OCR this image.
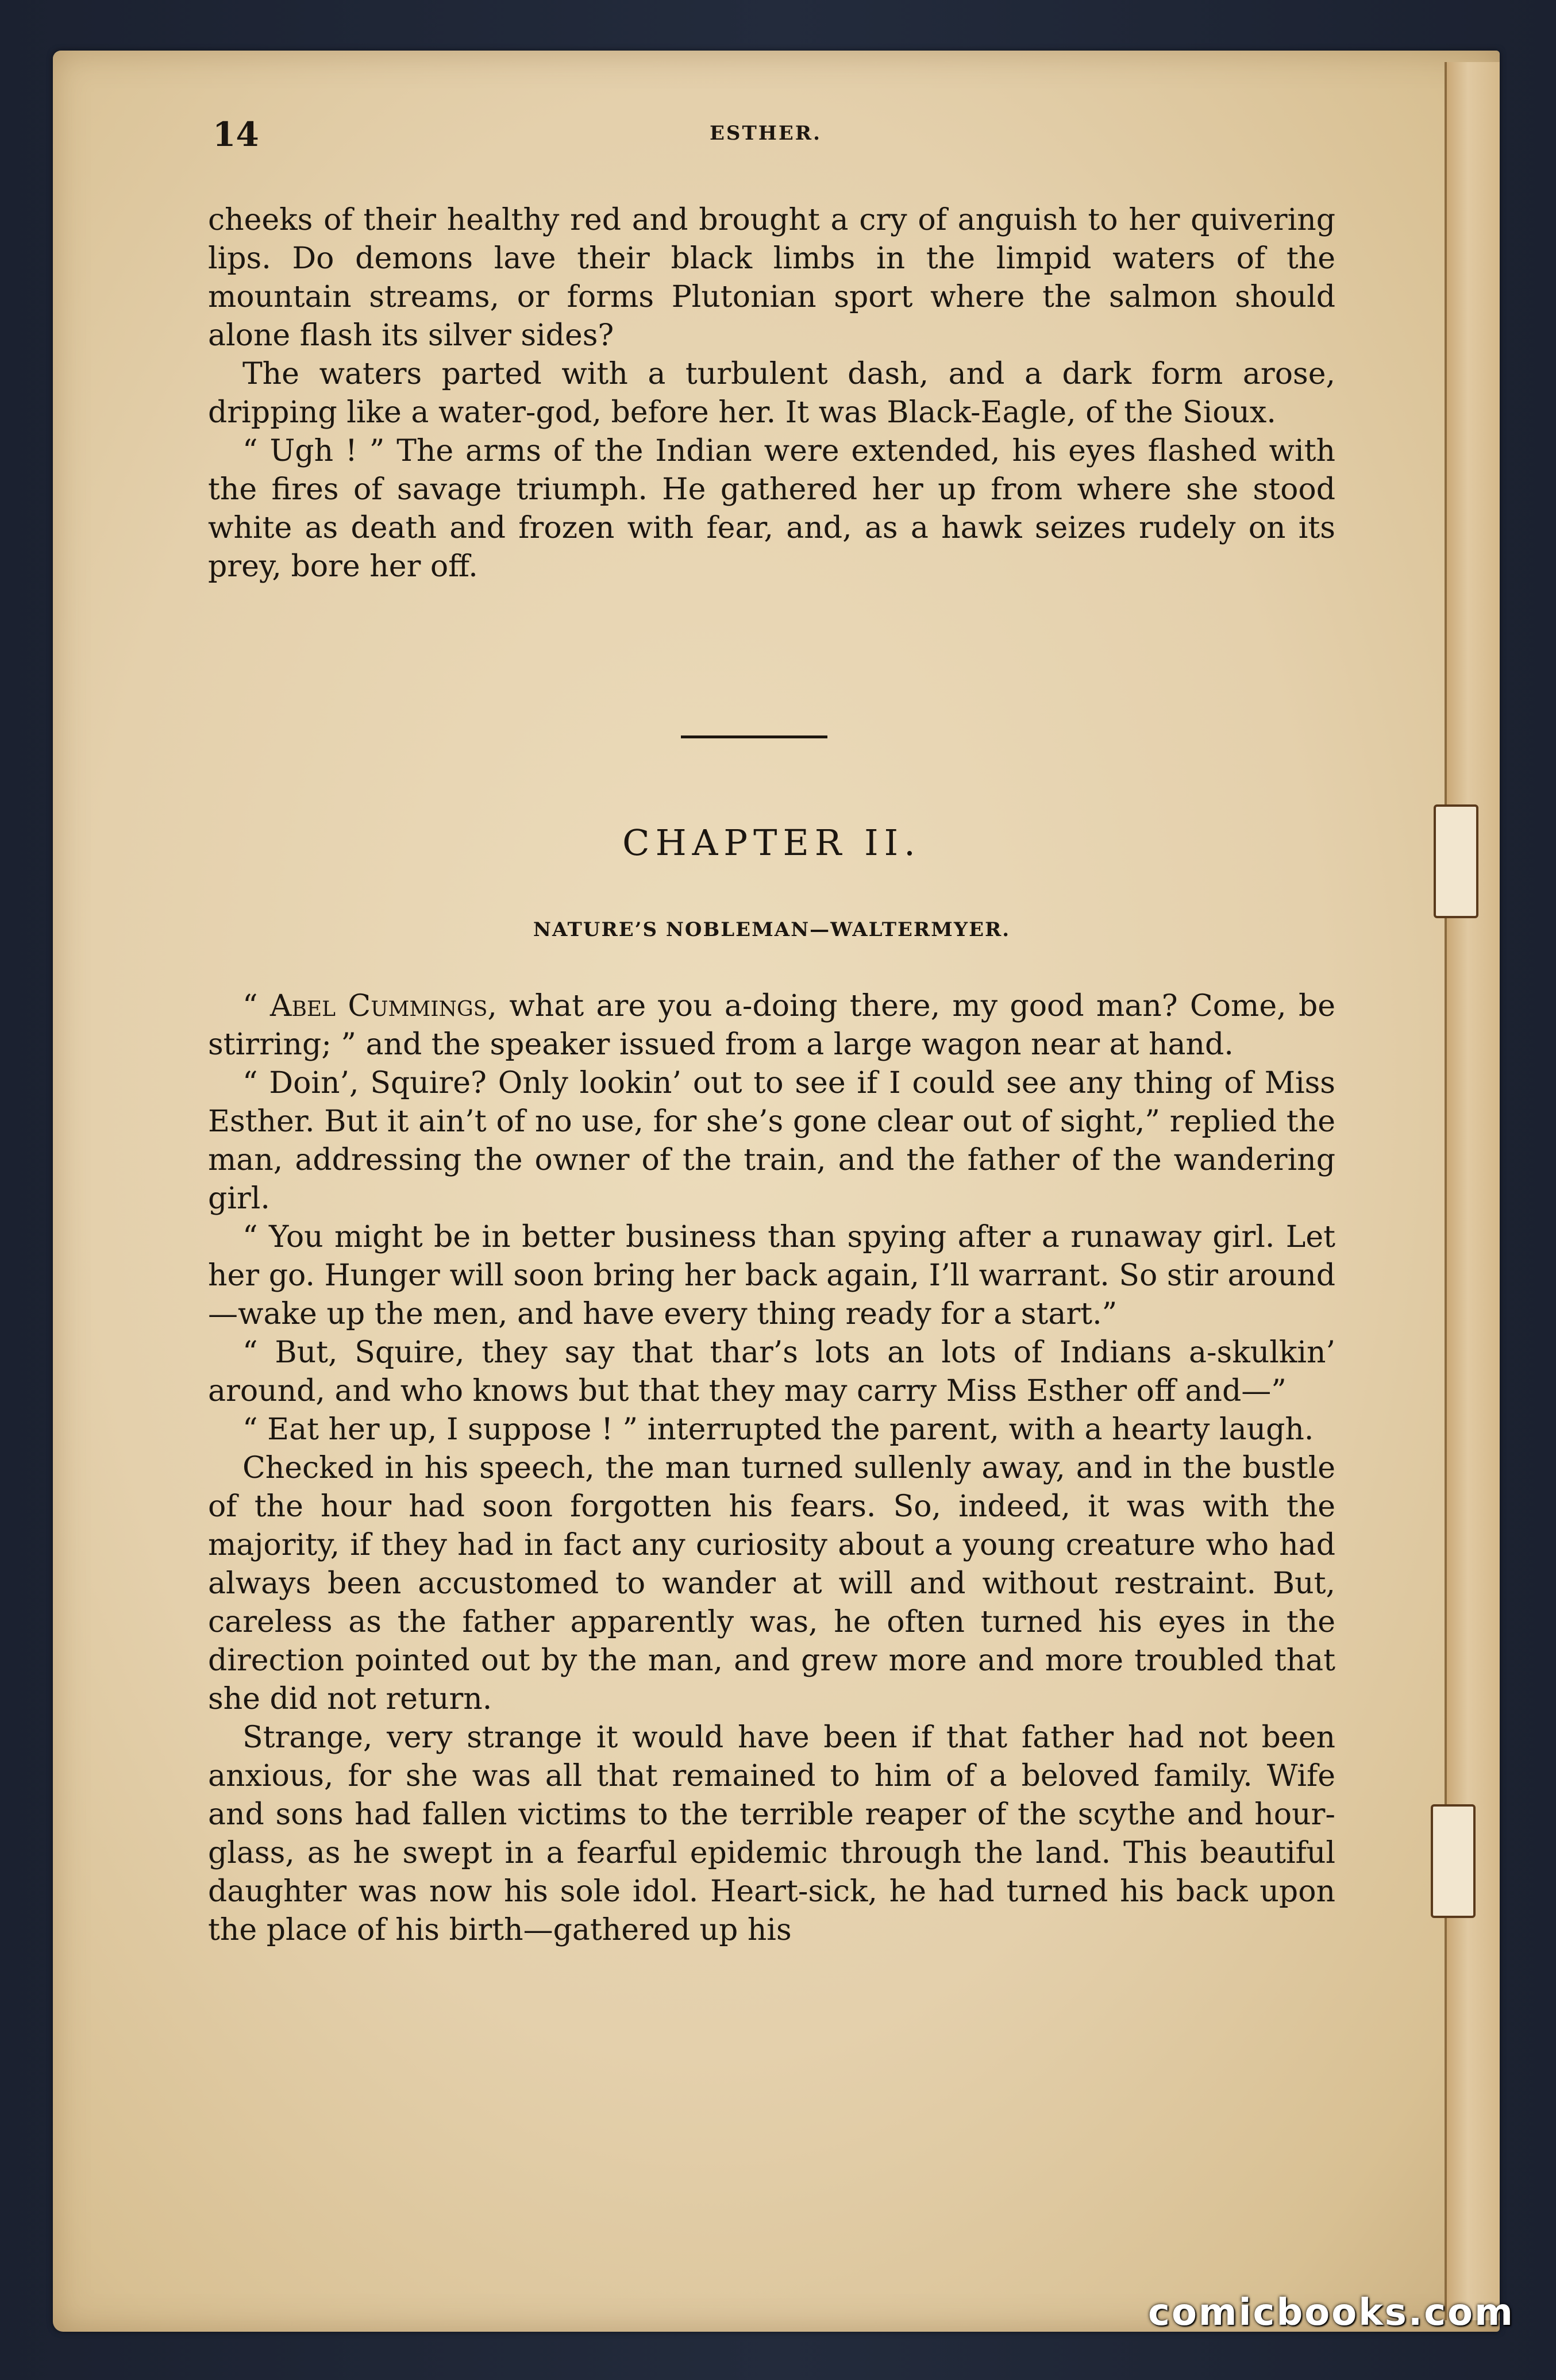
14	ESTHER.

cheeks of their healthy red and brought a cry of anguish to her quivering lips. Do demons lave their black limbs in the limpid waters of the mountain streams, or forms Plutonian sport where the salmon should alone flash its silver sides?

The waters parted with a turbulent dash, and a dark form arose, dripping like a water-god, before her. It was Black-Eagle, of the Sioux.

“ Ugh ! ” The arms of the Indian were extended, his eyes flashed with the fires of savage triumph. He gathered her up from where she stood white as death and frozen with fear, and, as a hawk seizes rudely on its prey, bore her off.

CHAPTER II.
NATURE’S NOBLEMAN—WALTERMYER.

“ Abel Cummings, what are you a-doing there, my good man? Come, be stirring; ” and the speaker issued from a large wagon near at hand.

“ Doin’, Squire? Only lookin’ out to see if I could see any thing of Miss Esther. But it ain’t of no use, for she’s gone clear out of sight,” replied the man, addressing the owner of the train, and the father of the wandering girl.

“ You might be in better business than spying after a runaway girl. Let her go. Hunger will soon bring her back again, I’ll warrant. So stir around—wake up the men, and have every thing ready for a start.”

“ But, Squire, they say that thar’s lots an lots of Indians a-skulkin’ around, and who knows but that they may carry Miss Esther off and—”

“ Eat her up, I suppose ! ” interrupted the parent, with a hearty laugh.

Checked in his speech, the man turned sullenly away, and in the bustle of the hour had soon forgotten his fears. So, indeed, it was with the majority, if they had in fact any curiosity about a young creature who had always been accustomed to wander at will and without restraint. But, careless as the father apparently was, he often turned his eyes in the direction pointed out by the man, and grew more and more troubled that she did not return.

Strange, very strange it would have been if that father had not been anxious, for she was all that remained to him of a beloved family. Wife and sons had fallen victims to the terrible reaper of the scythe and hour-glass, as he swept in a fearful epidemic through the land. This beautiful daughter was now his sole idol. Heart-sick, he had turned his back upon the place of his birth—gathered up his

comicbooks.com
